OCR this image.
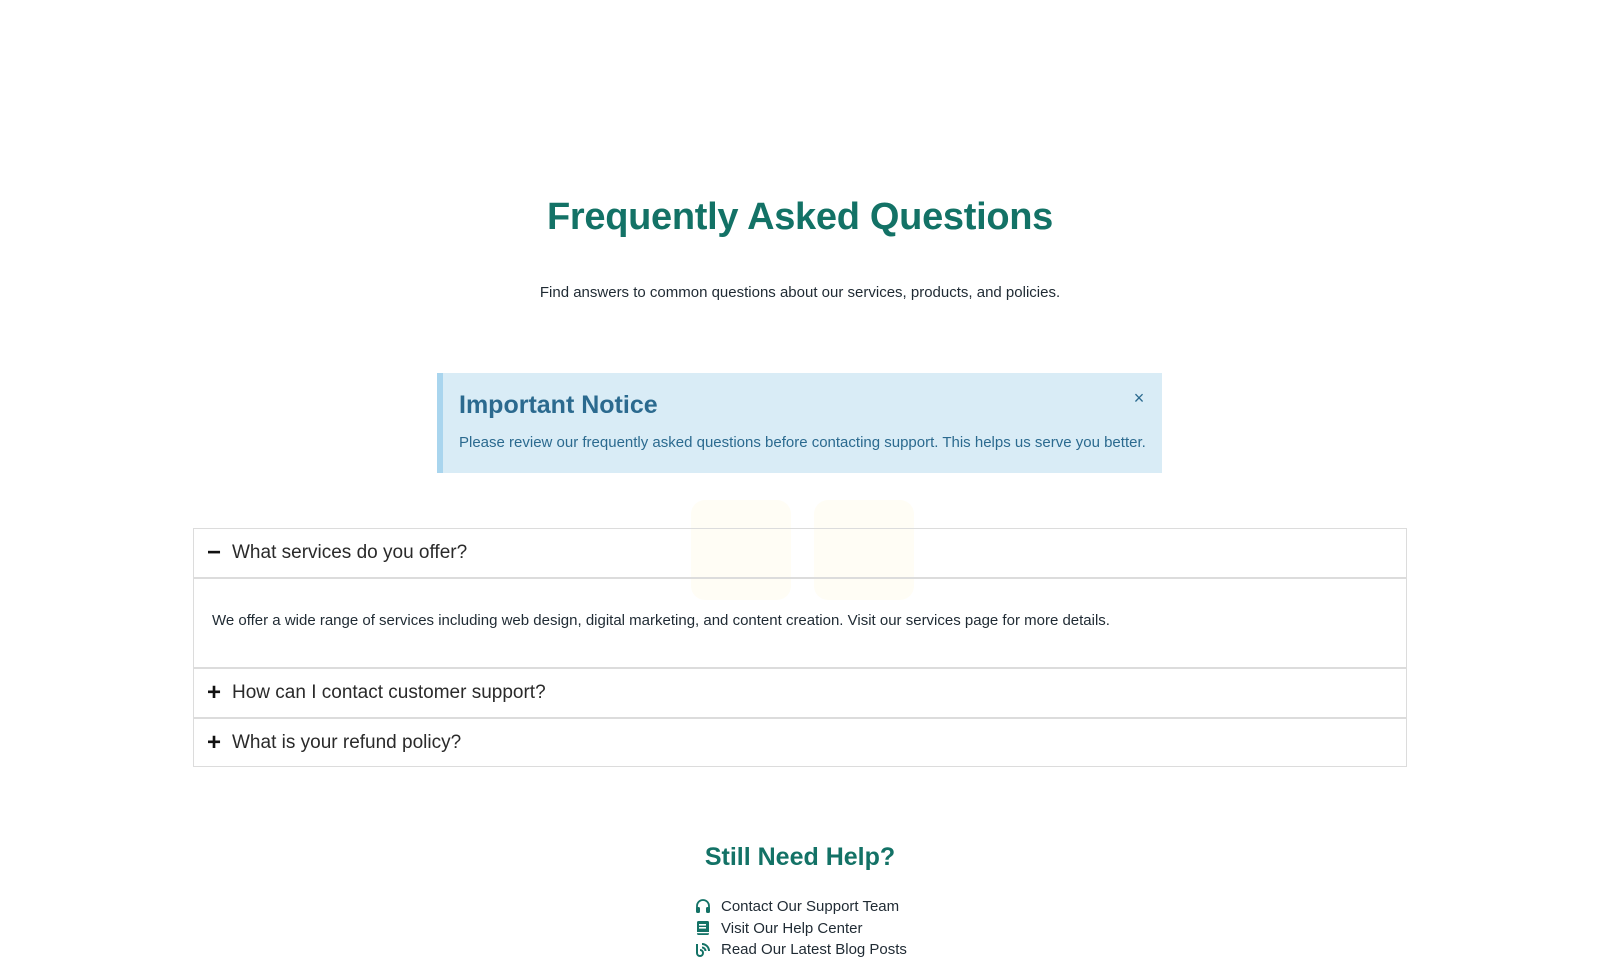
Frequently Asked Questions

Find answers to common questions about our services, products, and policies.

Important Notice

Please review our frequently asked questions before contacting support. This helps us serve you better.

×
− What services do you offer?

We offer a wide range of services including web design, digital marketing, and content creation. Visit our services page for more details.

+ How can I contact customer support?
+ What is your refund policy?
Still Need Help?
Contact Our Support Team
Visit Our Help Center
Read Our Latest Blog Posts
